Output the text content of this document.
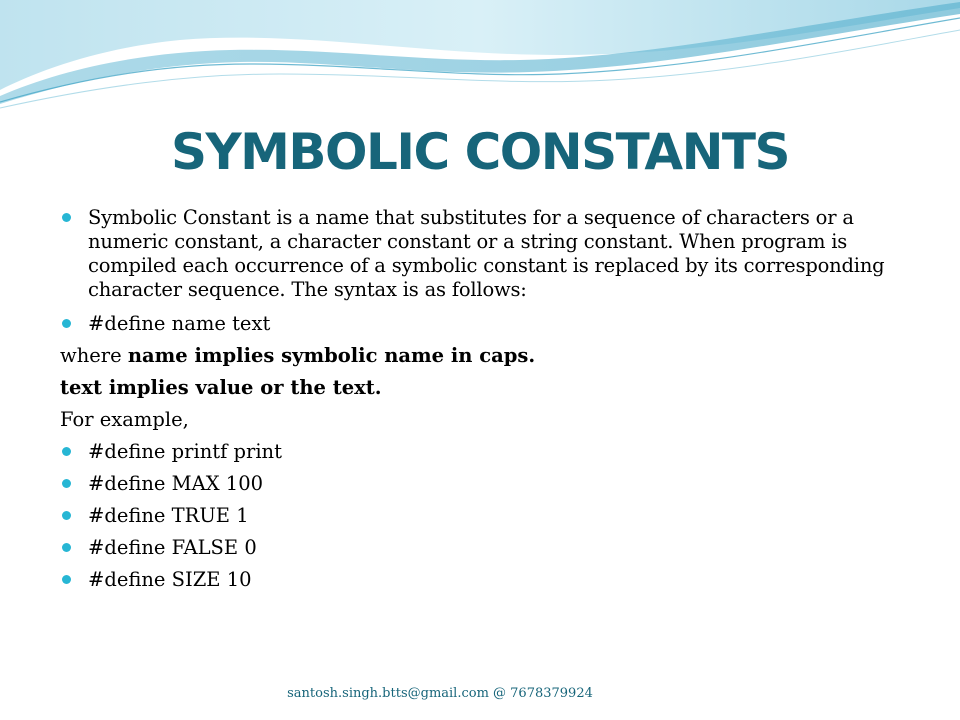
SYMBOLIC CONSTANTS
Symbolic Constant is a name that substitutes for a sequence of characters or a numeric constant, a character constant or a string constant. When program is compiled each occurrence of a symbolic constant is replaced by its corresponding character sequence. The syntax is as follows:
#define name text
where name implies symbolic name in caps.
text implies value or the text.
For example,
#define printf print
#define MAX 100
#define TRUE 1
#define FALSE 0
#define SIZE 10
santosh.singh.btts@gmail.com @ 7678379924
